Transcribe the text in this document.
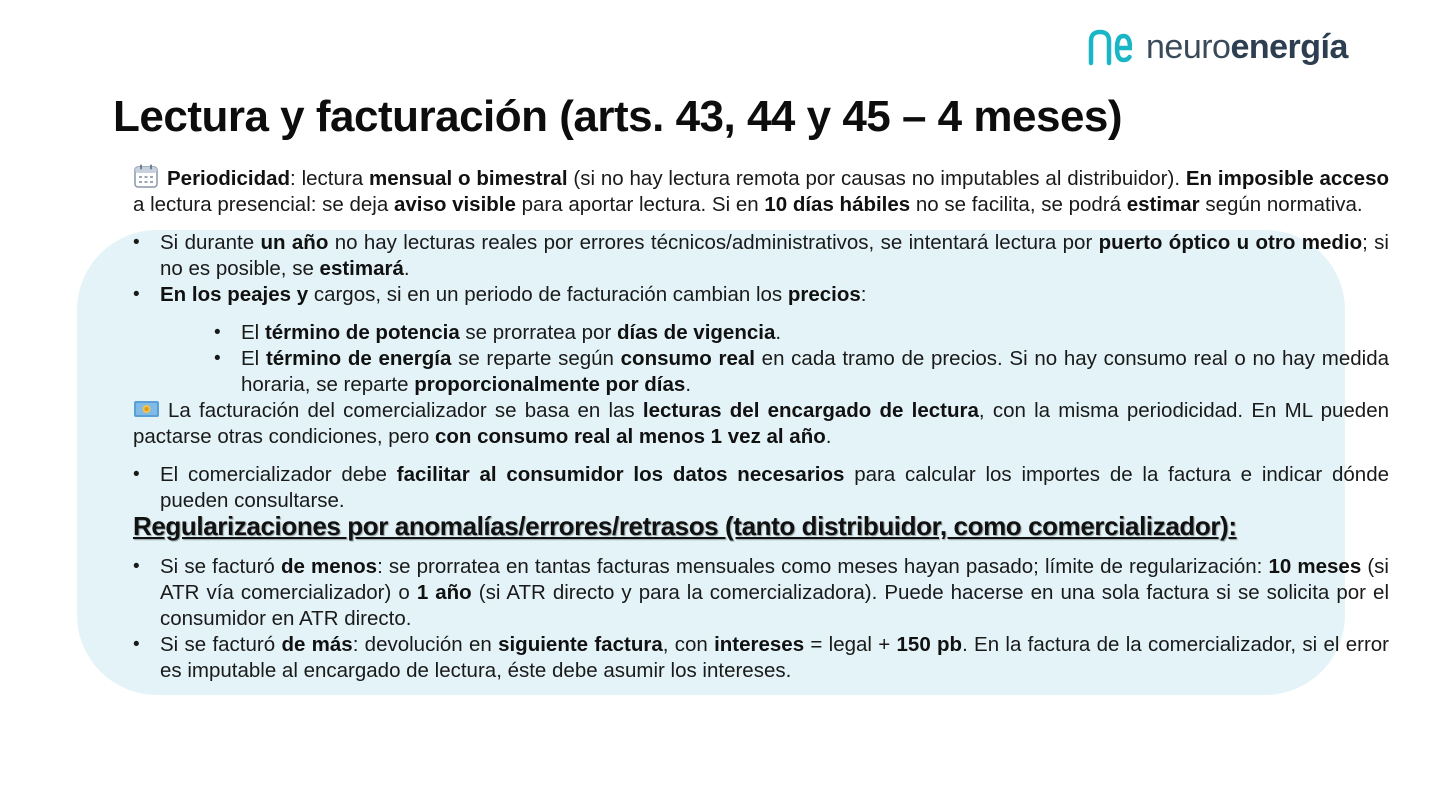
neuroenergía
Lectura y facturación (arts. 43, 44 y 45 – 4 meses)

Periodicidad: lectura mensual o bimestral (si no hay lectura remota por causas no imputables al distribuidor). En imposible acceso a lectura presencial: se deja aviso visible para aportar lectura. Si en 10 días hábiles no se facilita, se podrá estimar según normativa.

• Si durante un año no hay lecturas reales por errores técnicos/administrativos, se intentará lectura por puerto óptico u otro medio; si no es posible, se estimará.
• En los peajes y cargos, si en un periodo de facturación cambian los precios:
• El término de potencia se prorratea por días de vigencia.
• El término de energía se reparte según consumo real en cada tramo de precios. Si no hay consumo real o no hay medida horaria, se reparte proporcionalmente por días.

La facturación del comercializador se basa en las lecturas del encargado de lectura, con la misma periodicidad. En ML pueden pactarse otras condiciones, pero con consumo real al menos 1 vez al año.

• El comercializador debe facilitar al consumidor los datos necesarios para calcular los importes de la factura e indicar dónde pueden consultarse.
Regularizaciones por anomalías/errores/retrasos (tanto distribuidor, como comercializador):
• Si se facturó de menos: se prorratea en tantas facturas mensuales como meses hayan pasado; límite de regularización: 10 meses (si ATR vía comercializador) o 1 año (si ATR directo y para la comercializadora). Puede hacerse en una sola factura si se solicita por el consumidor en ATR directo.
• Si se facturó de más: devolución en siguiente factura, con intereses = legal + 150 pb. En la factura de la comercializador, si el error es imputable al encargado de lectura, éste debe asumir los intereses.
